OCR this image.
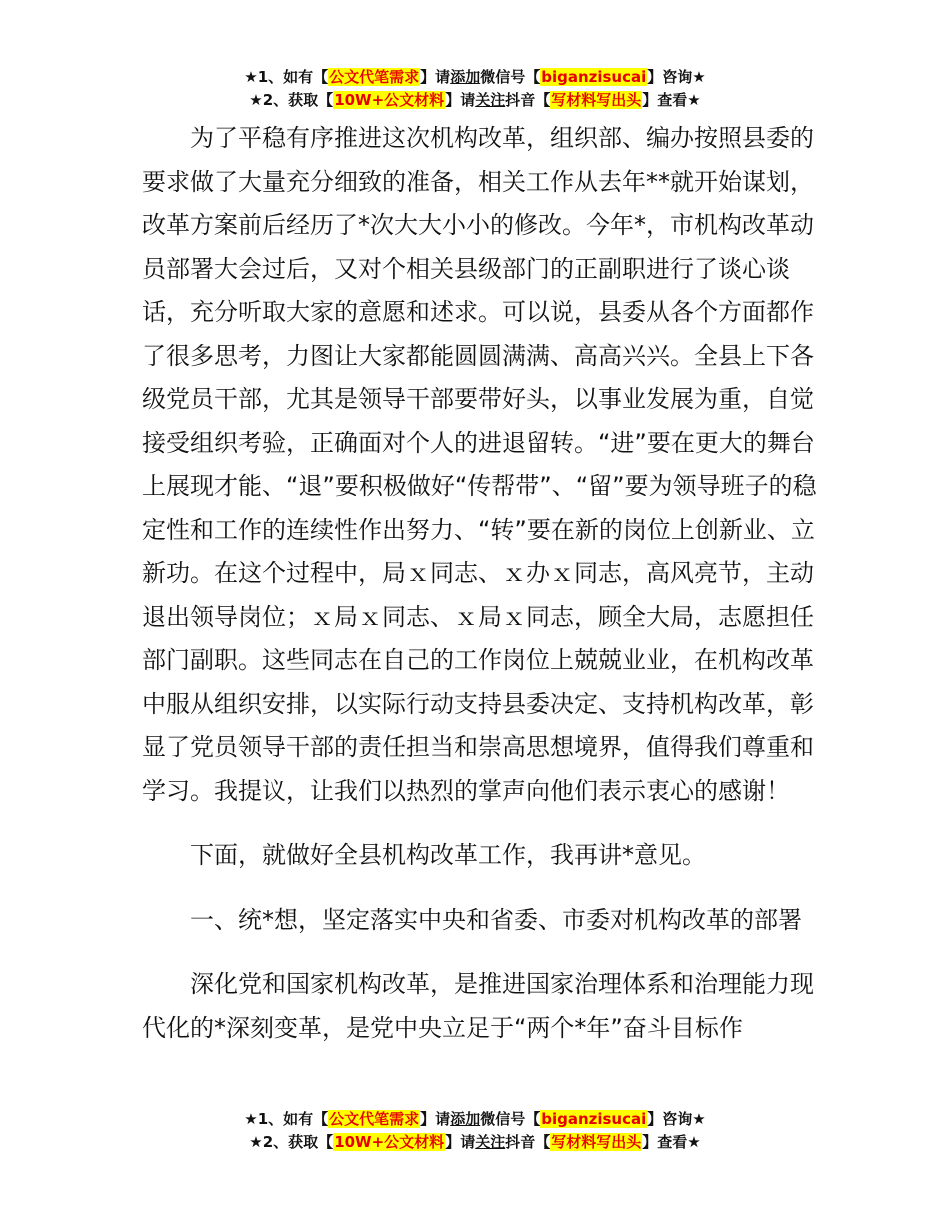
★1、如有【公文代笔需求】请添加微信号【biganzisucai】咨询★
★2、获取【10W+公文材料】请关注抖音【写材料写出头】查看★

为了平稳有序推进这次机构改革，组织部、编办按照县委的要求做了大量充分细致的准备，相关工作从去年**就开始谋划，改革方案前后经历了*次大大小小的修改。今年*，市机构改革动员部署大会过后，又对个相关县级部门的正副职进行了谈心谈话，充分听取大家的意愿和述求。可以说，县委从各个方面都作了很多思考，力图让大家都能圆圆满满、高高兴兴。全县上下各级党员干部，尤其是领导干部要带好头，以事业发展为重，自觉接受组织考验，正确面对个人的进退留转。“进”要在更大的舞台上展现才能、“退”要积极做好“传帮带”、“留”要为领导班子的稳定性和工作的连续性作出努力、“转”要在新的岗位上创新业、立新功。在这个过程中，局ｘ同志、ｘ办ｘ同志，高风亮节，主动退出领导岗位；ｘ局ｘ同志、ｘ局ｘ同志，顾全大局，志愿担任部门副职。这些同志在自己的工作岗位上兢兢业业，在机构改革中服从组织安排，以实际行动支持县委决定、支持机构改革，彰显了党员领导干部的责任担当和崇高思想境界，值得我们尊重和学习。我提议，让我们以热烈的掌声向他们表示衷心的感谢！

下面，就做好全县机构改革工作，我再讲*意见。

一、统*想，坚定落实中央和省委、市委对机构改革的部署

深化党和国家机构改革，是推进国家治理体系和治理能力现代化的*深刻变革，是党中央立足于“两个*年”奋斗目标作

★1、如有【公文代笔需求】请添加微信号【biganzisucai】咨询★
★2、获取【10W+公文材料】请关注抖音【写材料写出头】查看★
